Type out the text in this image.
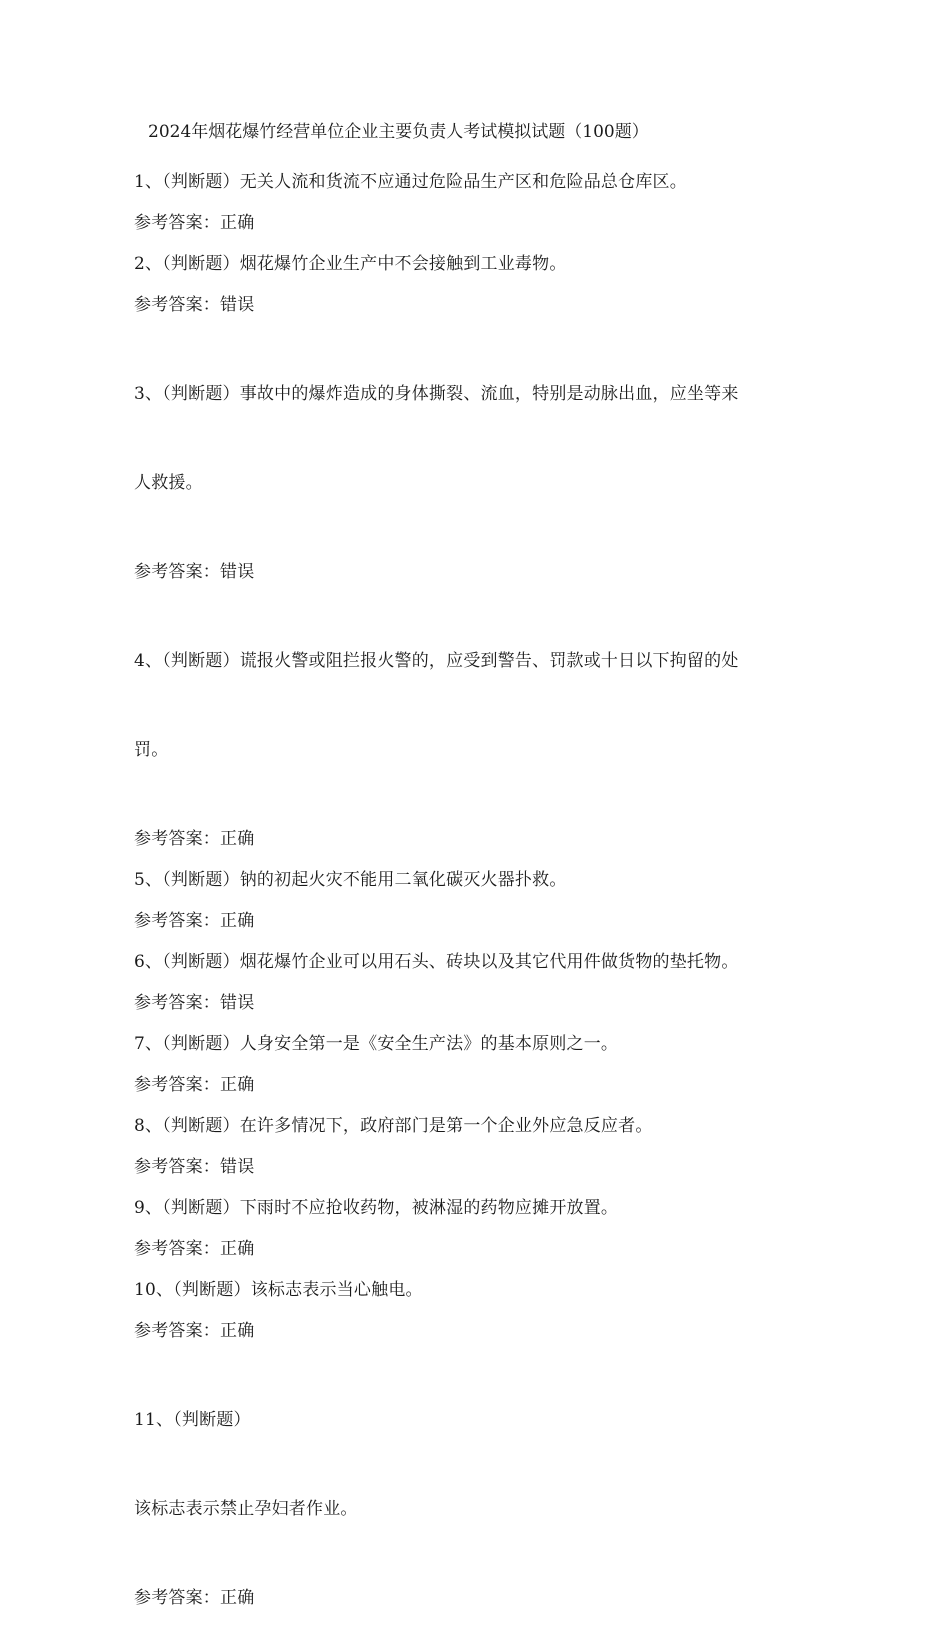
2024年烟花爆竹经营单位企业主要负责人考试模拟试题（100题）
1、（判断题）无关人流和货流不应通过危险品生产区和危险品总仓库区。
参考答案：正确
2、（判断题）烟花爆竹企业生产中不会接触到工业毒物。
参考答案：错误

3、（判断题）事故中的爆炸造成的身体撕裂、流血，特别是动脉出血，应坐等来

人救援。

参考答案：错误

4、（判断题）谎报火警或阻拦报火警的，应受到警告、罚款或十日以下拘留的处

罚。

参考答案：正确
5、（判断题）钠的初起火灾不能用二氧化碳灭火器扑救。
参考答案：正确
6、（判断题）烟花爆竹企业可以用石头、砖块以及其它代用件做货物的垫托物。
参考答案：错误
7、（判断题）人身安全第一是《安全生产法》的基本原则之一。
参考答案：正确
8、（判断题）在许多情况下，政府部门是第一个企业外应急反应者。
参考答案：错误
9、（判断题）下雨时不应抢收药物，被淋湿的药物应摊开放置。
参考答案：正确
10、（判断题）该标志表示当心触电。
参考答案：正确

11、（判断题）

该标志表示禁止孕妇者作业。

参考答案：正确
